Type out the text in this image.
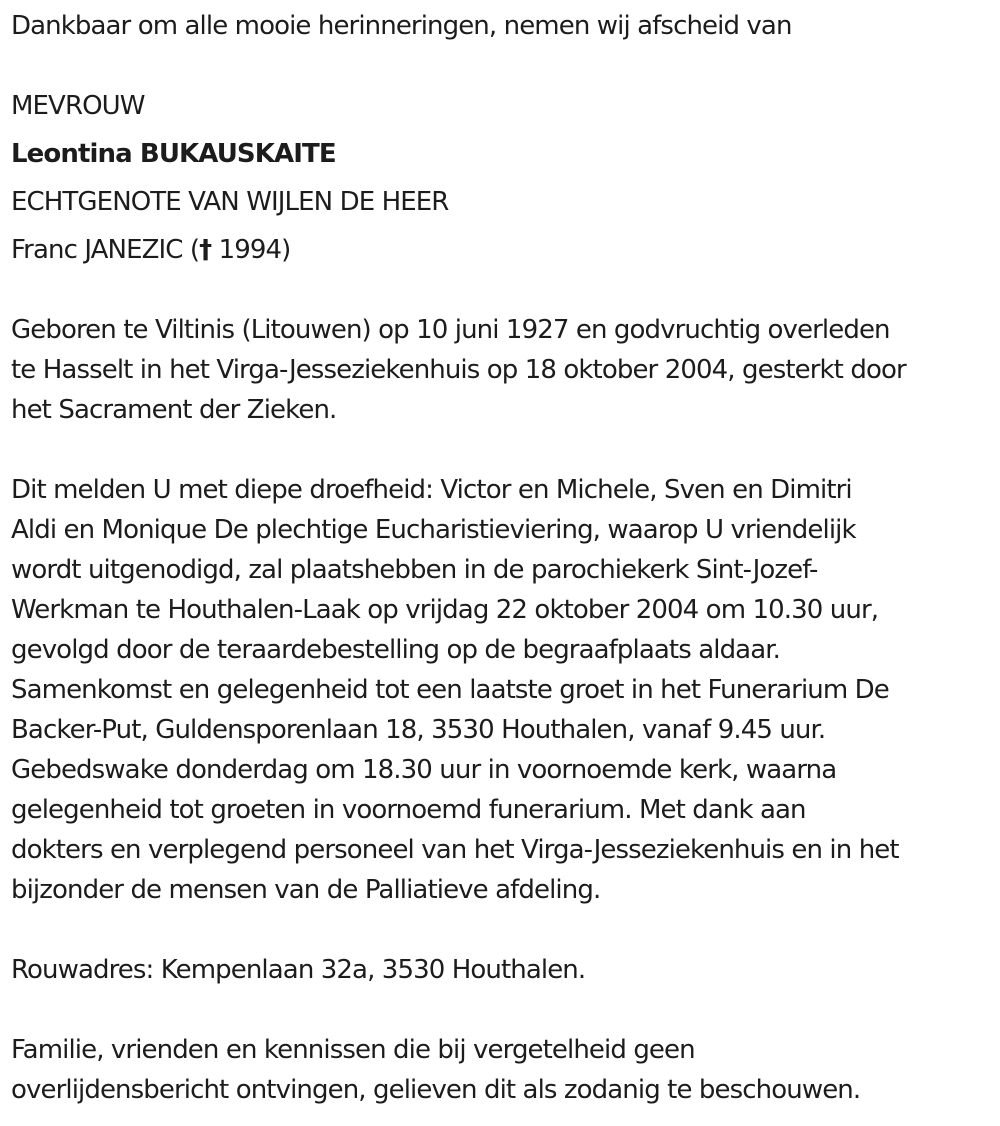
Dankbaar om alle mooie herinneringen, nemen wij afscheid van
MEVROUW
Leontina BUKAUSKAITE
ECHTGENOTE VAN WIJLEN DE HEER
Franc JANEZIC († 1994)
Geboren te Viltinis (Litouwen) op 10 juni 1927 en godvruchtig overleden
te Hasselt in het Virga-Jesseziekenhuis op 18 oktober 2004, gesterkt door
het Sacrament der Zieken.
Dit melden U met diepe droefheid: Victor en Michele, Sven en Dimitri
Aldi en Monique De plechtige Eucharistieviering, waarop U vriendelijk
wordt uitgenodigd, zal plaatshebben in de parochiekerk Sint-Jozef-
Werkman te Houthalen-Laak op vrijdag 22 oktober 2004 om 10.30 uur,
gevolgd door de teraardebestelling op de begraafplaats aldaar.
Samenkomst en gelegenheid tot een laatste groet in het Funerarium De
Backer-Put, Guldensporenlaan 18, 3530 Houthalen, vanaf 9.45 uur.
Gebedswake donderdag om 18.30 uur in voornoemde kerk, waarna
gelegenheid tot groeten in voornoemd funerarium. Met dank aan
dokters en verplegend personeel van het Virga-Jesseziekenhuis en in het
bijzonder de mensen van de Palliatieve afdeling.
Rouwadres: Kempenlaan 32a, 3530 Houthalen.
Familie, vrienden en kennissen die bij vergetelheid geen
overlijdensbericht ontvingen, gelieven dit als zodanig te beschouwen.
